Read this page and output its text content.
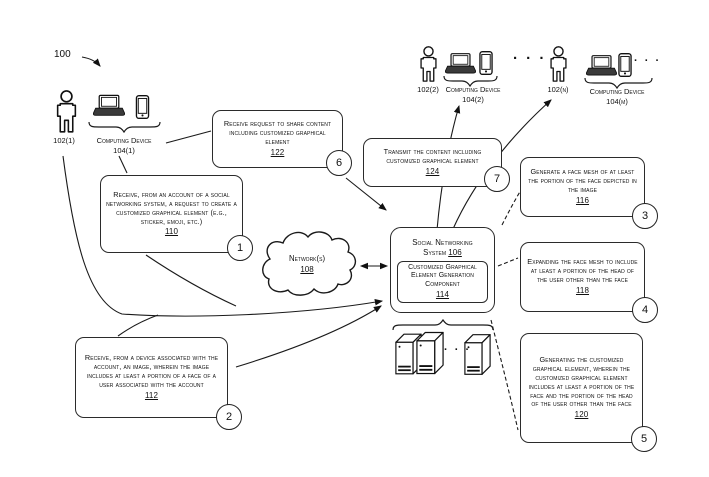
100
102(1)	Computing Device
104(1)
102(2) Computing Device
104(2)
· · ·
102(n)	Computing Device
104(m)
· · ·
Network(s)
108
Receive request to share content including customized graphical element
122
Receive, from an account of a social networking system, a request to create a customized graphical element (e.g., sticker, emoji, etc.)
110
Receive, from a device associated with the account, an image, wherein the image includes at least a portion of a face of a user associated with the account
112
Transmit the content including customized graphical element
124	Generate a face mesh of at least the portion of the face depicted in the image
116
Expanding the face mesh to include at least a portion of the head of the user other than the face
118
Generating the customized graphical element, wherein the customized graphical element includes at least a portion of the face and the portion of the head of the user other than the face
120
Social Networking System 106
Customized Graphical Element Generation Component
114
· · ·
1
2
3
4
5
6
7
